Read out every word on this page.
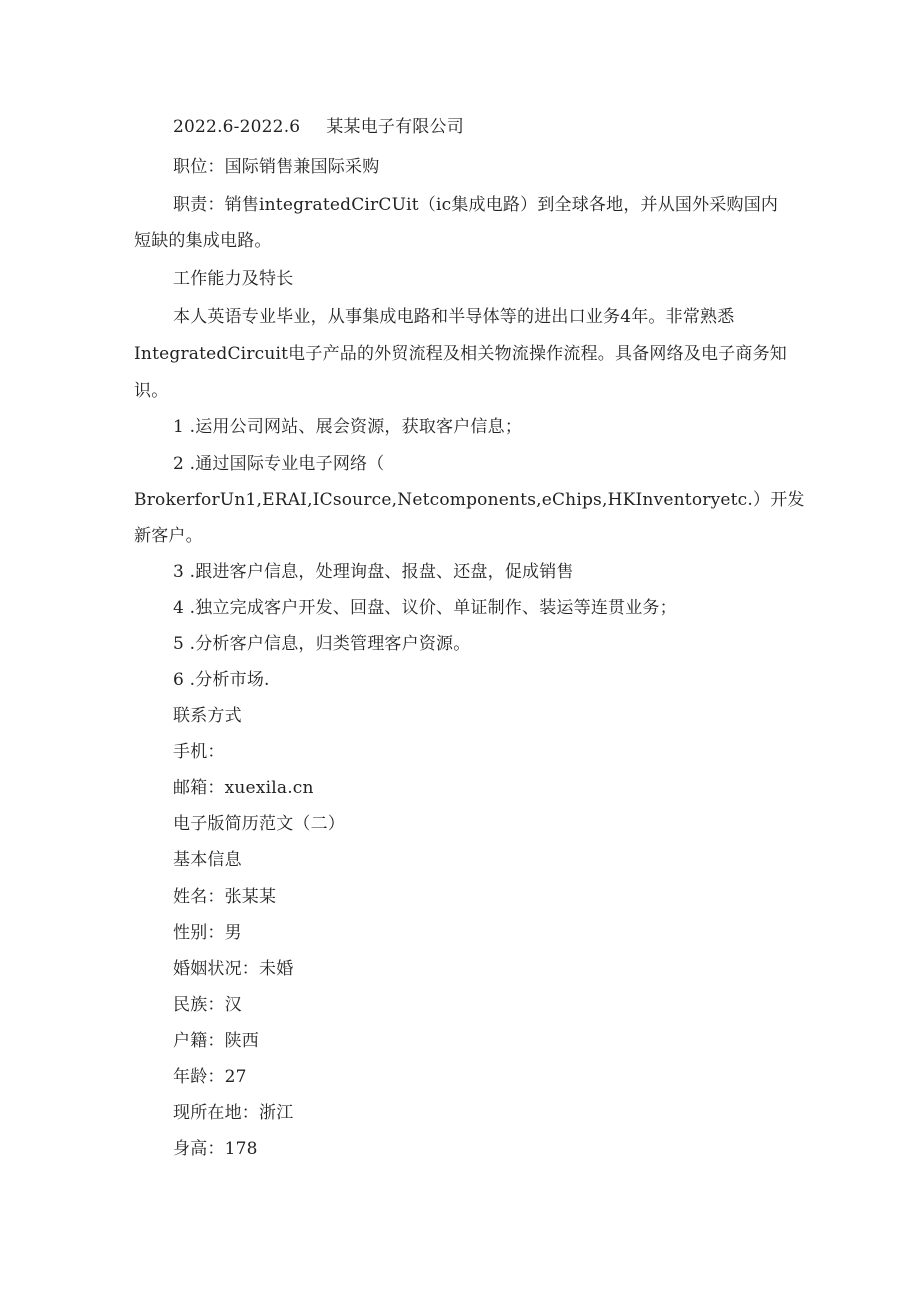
2022.6-2022.6 某某电子有限公司
职位：国际销售兼国际采购
职责：销售integratedCirCUit（ic集成电路）到全球各地，并从国外采购国内
短缺的集成电路。
工作能力及特长
本人英语专业毕业，从事集成电路和半导体等的进出口业务4年。非常熟悉
IntegratedCircuit电子产品的外贸流程及相关物流操作流程。具备网络及电子商务知
识。
1 .运用公司网站、展会资源，获取客户信息；
2 .通过国际专业电子网络（
BrokerforUn1,ERAI,ICsource,Netcomponents,eChips,HKInventoryetc.）开发
新客户。
3 .跟进客户信息，处理询盘、报盘、还盘，促成销售
4 .独立完成客户开发、回盘、议价、单证制作、装运等连贯业务；
5 .分析客户信息，归类管理客户资源。
6 .分析市场.
联系方式
手机：
邮箱：xuexila.cn
电子版简历范文（二）
基本信息
姓名：张某某
性别：男
婚姻状况：未婚
民族：汉
户籍：陕西
年龄：27
现所在地：浙江
身高：178
